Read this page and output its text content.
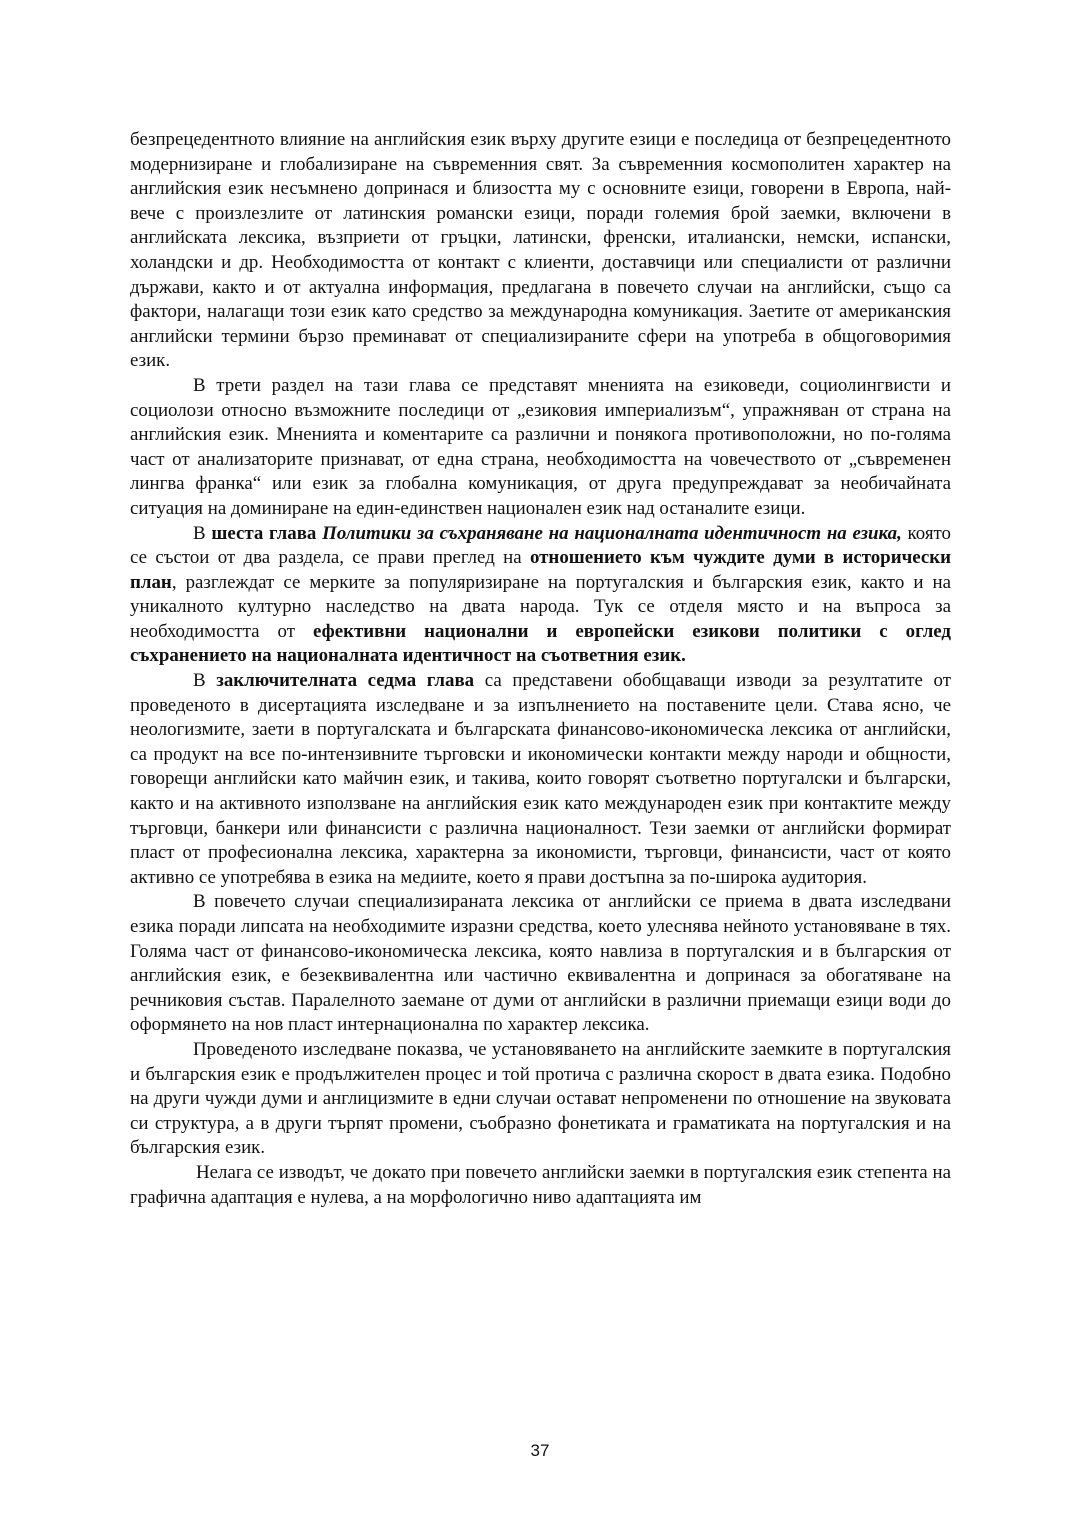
безпрецедентното влияние на английския език върху другите езици е последица от безпрецедентното модернизиране и глобализиране на съвременния свят. За съвременния космополитен характер на английския език несъмнено допринася и близостта му с основните езици, говорени в Европа, най-вече с произлезлите от латинския романски езици, поради големия брой заемки, включени в английската лексика, възприети от гръцки, латински, френски, италиански, немски, испански, холандски и др. Необходимостта от контакт с клиенти, доставчици или специалисти от различни държави, както и от актуална информация, предлагана в повечето случаи на английски, също са фактори, налагащи този език като средство за международна комуникация. Заетите от американския английски термини бързо преминават от специализираните сфери на употреба в общоговоримия език.

В трети раздел на тази глава се представят мненията на езиковеди, социолингвисти и социолози относно възможните последици от „езиковия империализъм“, упражняван от страна на английския език. Мненията и коментарите са различни и понякога противоположни, но по-голяма част от анализаторите признават, от една страна, необходимостта на човечеството от „съвременен лингва франка“ или език за глобална комуникация, от друга предупреждават за необичайната ситуация на доминиране на един-единствен национален език над останалите езици.

В шеста глава Политики за съхраняване на националната идентичност на езика, която се състои от два раздела, се прави преглед на отношението към чуждите думи в исторически план, разглеждат се мерките за популяризиране на португалския и българския език, както и на уникалното културно наследство на двата народа. Тук се отделя място и на въпроса за необходимостта от ефективни национални и европейски езикови политики с оглед съхранението на националната идентичност на съответния език.

В заключителната седма глава са представени обобщаващи изводи за резултатите от проведеното в дисертацията изследване и за изпълнението на поставените цели. Става ясно, че неологизмите, заети в португалската и българската финансово-икономическа лексика от английски, са продукт на все по-интензивните търговски и икономически контакти между народи и общности, говорещи английски като майчин език, и такива, които говорят съответно португалски и български, както и на активното използване на английския език като международен език при контактите между търговци, банкери или финансисти с различна националност. Тези заемки от английски формират пласт от професионална лексика, характерна за икономисти, търговци, финансисти, част от която активно се употребява в езика на медиите, което я прави достъпна за по-широка аудитория.

В повечето случаи специализираната лексика от английски се приема в двата изследвани езика поради липсата на необходимите изразни средства, което улеснява нейното установяване в тях. Голяма част от финансово-икономическа лексика, която навлиза в португалския и в българския от английския език, е безеквивалентна или частично еквивалентна и допринася за обогатяване на речниковия състав. Паралелното заемане от думи от английски в различни приемащи езици води до оформянето на нов пласт интернационална по характер лексика.

Проведеното изследване показва, че установяването на английските заемките в португалския и българския език е продължителен процес и той протича с различна скорост в двата езика. Подобно на други чужди думи и англицизмите в едни случаи остават непроменени по отношение на звуковата си структура, а в други търпят промени, съобразно фонетиката и граматиката на португалския и на българския език.

Нелага се изводът, че докато при повечето английски заемки в португалския език степента на графична адаптация е нулева, а на морфологично ниво адаптацията им

37
